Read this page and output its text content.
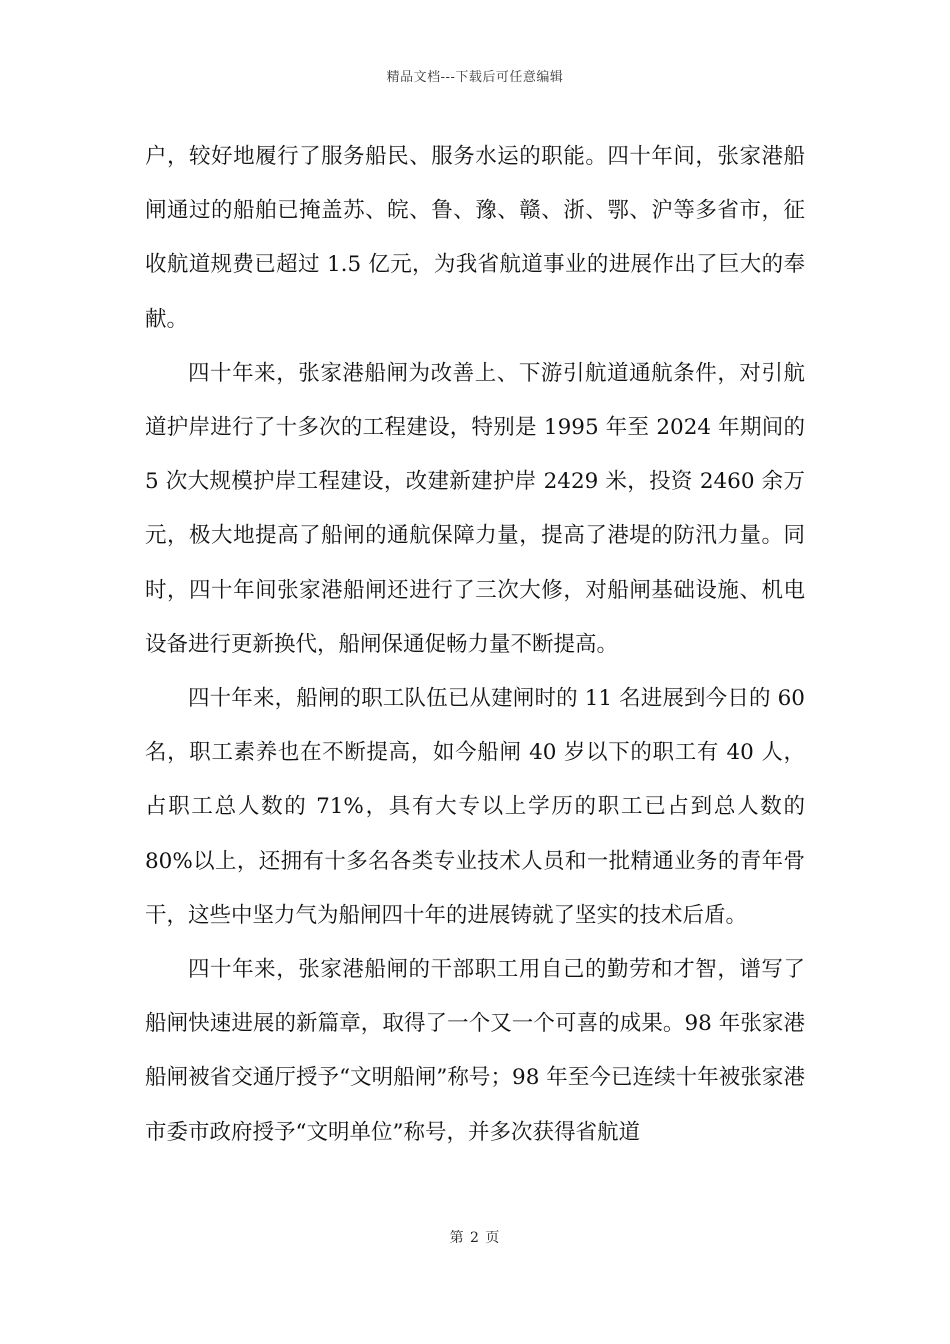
精品文档---下载后可任意编辑

户，较好地履行了服务船民、服务水运的职能。四十年间，张家港船闸通过的船舶已掩盖苏、皖、鲁、豫、赣、浙、鄂、沪等多省市，征收航道规费已超过 1.5 亿元，为我省航道事业的进展作出了巨大的奉献。

四十年来，张家港船闸为改善上、下游引航道通航条件，对引航道护岸进行了十多次的工程建设，特别是 1995 年至 2024 年期间的 5 次大规模护岸工程建设，改建新建护岸 2429 米，投资 2460 余万元，极大地提高了船闸的通航保障力量，提高了港堤的防汛力量。同时，四十年间张家港船闸还进行了三次大修，对船闸基础设施、机电设备进行更新换代，船闸保通促畅力量不断提高。

四十年来，船闸的职工队伍已从建闸时的 11 名进展到今日的 60 名，职工素养也在不断提高，如今船闸 40 岁以下的职工有 40 人，占职工总人数的 71%，具有大专以上学历的职工已占到总人数的 80%以上，还拥有十多名各类专业技术人员和一批精通业务的青年骨干，这些中坚力气为船闸四十年的进展铸就了坚实的技术后盾。

四十年来，张家港船闸的干部职工用自己的勤劳和才智，谱写了船闸快速进展的新篇章，取得了一个又一个可喜的成果。98 年张家港船闸被省交通厅授予“文明船闸”称号；98 年至今已连续十年被张家港市委市政府授予“文明单位”称号，并多次获得省航道

第 2 页
